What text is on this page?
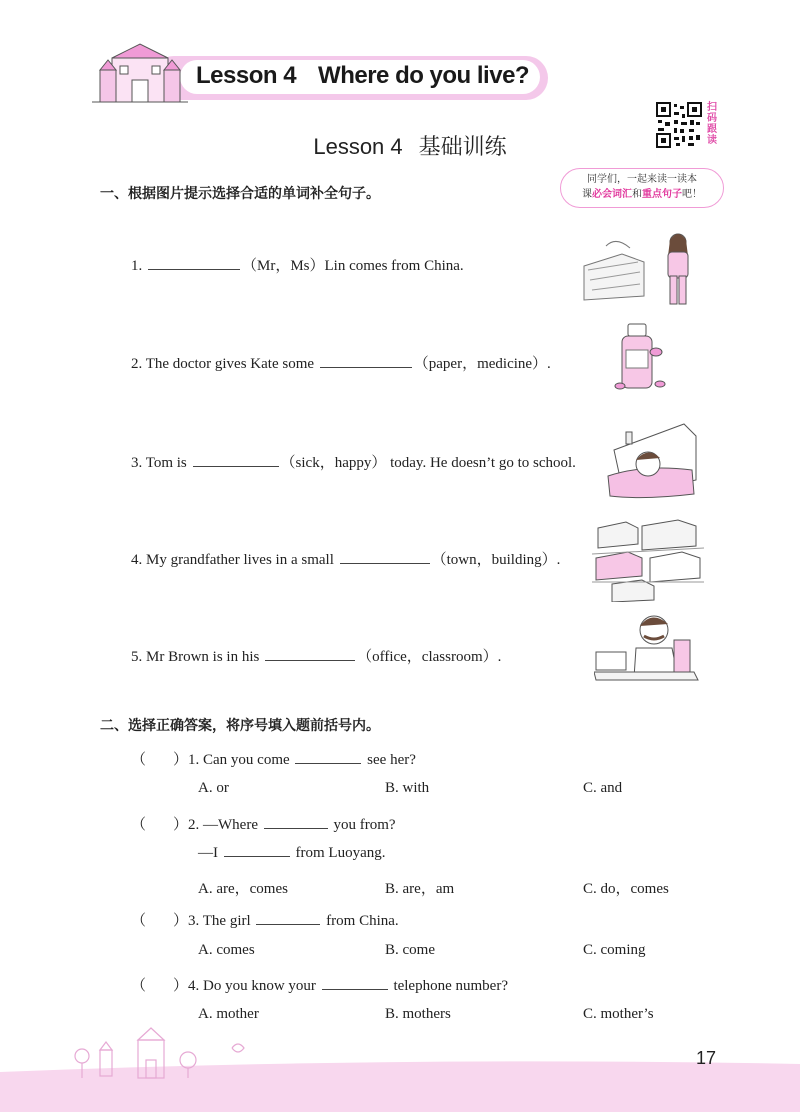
Lesson 4 Where do you live?
扫码跟读
Lesson 4 基础训练
同学们，一起来读一读本
课必会词汇和重点句子吧！
一、根据图片提示选择合适的单词补全句子。
1.	（Mr，Ms）Lin comes from China.
2. The doctor gives Kate some	（paper，medicine）.
3. Tom is	（sick，happy） today. He doesn’t go to school.
4. My grandfather lives in a small	（town，building）.
5. Mr Brown is in his	（office，classroom）.
二、选择正确答案，将序号填入题前括号内。
（ ）1. Can you come	see her?
A. or	B. with	C. and
（ ）2. —Where	you from?
—I	from Luoyang.
A. are，comes	B. are，am	C. do，comes
（ ）3. The girl	from China.
A. comes	B. come	C. coming
（ ）4. Do you know your	telephone number?
A. mother	B. mothers	C. mother’s
17
